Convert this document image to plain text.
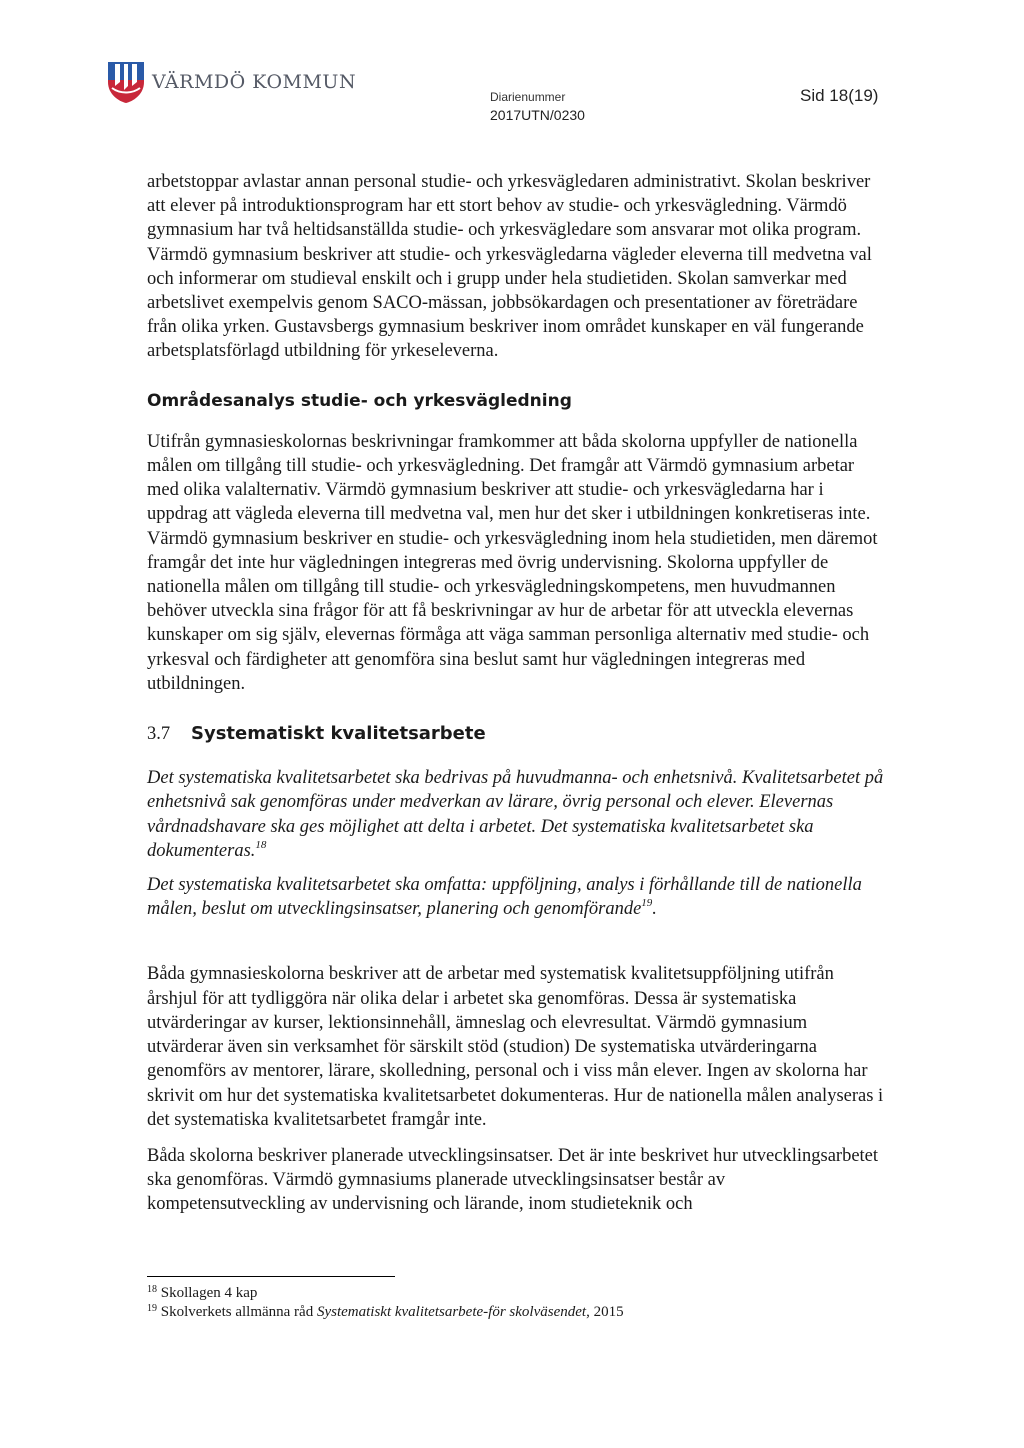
VÄRMDÖ KOMMUN
Diarienummer
2017UTN/0230
Sid 18(19)

arbetstoppar avlastar annan personal studie- och yrkesvägledaren administrativt. Skolan beskriver att elever på introduktionsprogram har ett stort behov av studie- och yrkesvägledning. Värmdö gymnasium har två heltidsanställda studie- och yrkesvägledare som ansvarar mot olika program. Värmdö gymnasium beskriver att studie- och yrkesvägledarna vägleder eleverna till medvetna val och informerar om studieval enskilt och i grupp under hela studietiden. Skolan samverkar med arbetslivet exempelvis genom SACO-mässan, jobbsökardagen och presentationer av företrädare från olika yrken. Gustavsbergs gymnasium beskriver inom området kunskaper en väl fungerande arbetsplatsförlagd utbildning för yrkeseleverna.

Områdesanalys studie- och yrkesvägledning

Utifrån gymnasieskolornas beskrivningar framkommer att båda skolorna uppfyller de nationella målen om tillgång till studie- och yrkesvägledning. Det framgår att Värmdö gymnasium arbetar med olika valalternativ. Värmdö gymnasium beskriver att studie- och yrkesvägledarna har i uppdrag att vägleda eleverna till medvetna val, men hur det sker i utbildningen konkretiseras inte. Värmdö gymnasium beskriver en studie- och yrkesvägledning inom hela studietiden, men däremot framgår det inte hur vägledningen integreras med övrig undervisning. Skolorna uppfyller de nationella målen om tillgång till studie- och yrkesvägledningskompetens, men huvudmannen behöver utveckla sina frågor för att få beskrivningar av hur de arbetar för att utveckla elevernas kunskaper om sig själv, elevernas förmåga att väga samman personliga alternativ med studie- och yrkesval och färdigheter att genomföra sina beslut samt hur vägledningen integreras med utbildningen.

3.7	Systematiskt kvalitetsarbete

Det systematiska kvalitetsarbetet ska bedrivas på huvudmanna- och enhetsnivå. Kvalitetsarbetet på enhetsnivå sak genomföras under medverkan av lärare, övrig personal och elever. Elevernas vårdnadshavare ska ges möjlighet att delta i arbetet. Det systematiska kvalitetsarbetet ska dokumenteras.$^{18}$

Det systematiska kvalitetsarbetet ska omfatta: uppföljning, analys i förhållande till de nationella målen, beslut om utvecklingsinsatser, planering och genomförande$^{19}$.

Båda gymnasieskolorna beskriver att de arbetar med systematisk kvalitetsuppföljning utifrån årshjul för att tydliggöra när olika delar i arbetet ska genomföras. Dessa är systematiska utvärderingar av kurser, lektionsinnehåll, ämneslag och elevresultat. Värmdö gymnasium utvärderar även sin verksamhet för särskilt stöd (studion) De systematiska utvärderingarna genomförs av mentorer, lärare, skolledning, personal och i viss mån elever. Ingen av skolorna har skrivit om hur det systematiska kvalitetsarbetet dokumenteras. Hur de nationella målen analyseras i det systematiska kvalitetsarbetet framgår inte.

Båda skolorna beskriver planerade utvecklingsinsatser. Det är inte beskrivet hur utvecklingsarbetet ska genomföras. Värmdö gymnasiums planerade utvecklingsinsatser består av kompetensutveckling av undervisning och lärande, inom studieteknik och

$^{18}$ Skollagen 4 kap
$^{19}$ Skolverkets allmänna råd Systematiskt kvalitetsarbete-för skolväsendet, 2015
